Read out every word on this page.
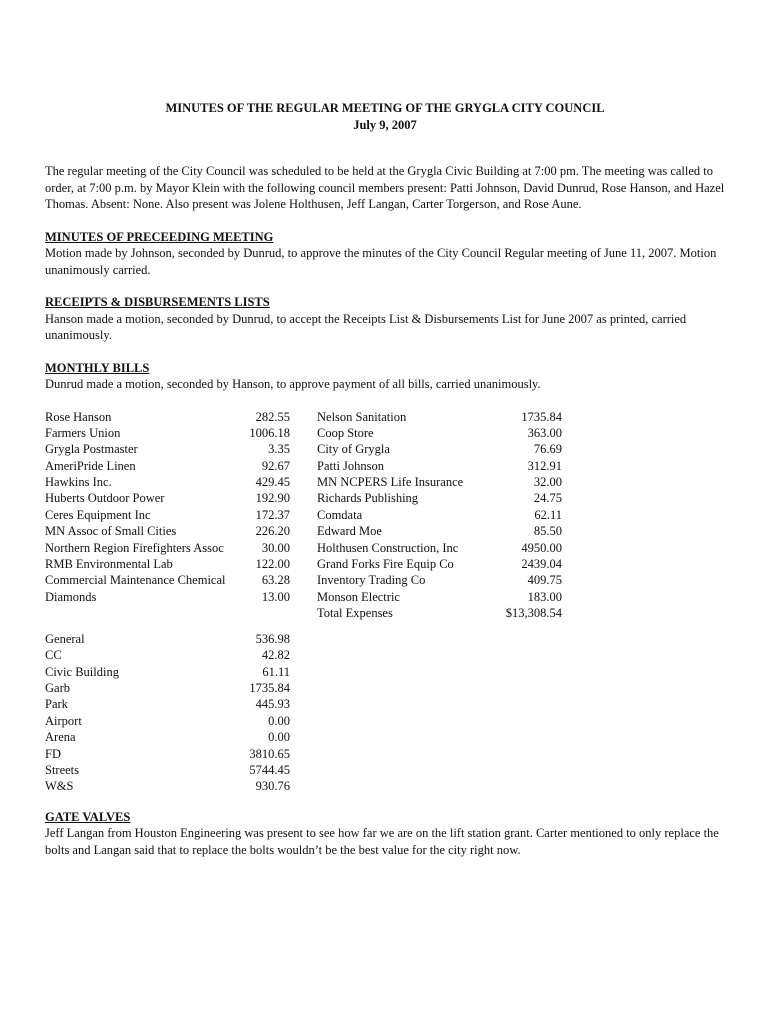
MINUTES OF THE REGULAR MEETING OF THE GRYGLA CITY COUNCIL

July 9, 2007

The regular meeting of the City Council was scheduled to be held at the Grygla Civic Building at 7:00 pm. The meeting was called to order, at 7:00 p.m. by Mayor Klein with the following council members present: Patti Johnson, David Dunrud, Rose Hanson, and Hazel Thomas. Absent: None. Also present was Jolene Holthusen, Jeff Langan, Carter Torgerson, and Rose Aune.

MINUTES OF PRECEEDING MEETING

Motion made by Johnson, seconded by Dunrud, to approve the minutes of the City Council Regular meeting of June 11, 2007. Motion unanimously carried.

RECEIPTS & DISBURSEMENTS LISTS

Hanson made a motion, seconded by Dunrud, to accept the Receipts List & Disbursements List for June 2007 as printed, carried unanimously.

MONTHLY BILLS

Dunrud made a motion, seconded by Hanson, to approve payment of all bills, carried unanimously.

Rose Hanson	282.55
Farmers Union	1006.18
Grygla Postmaster	3.35
AmeriPride Linen	92.67
Hawkins Inc.	429.45
Huberts Outdoor Power	192.90
Ceres Equipment Inc	172.37
MN Assoc of Small Cities	226.20
Northern Region Firefighters Assoc	30.00
RMB Environmental Lab	122.00
Commercial Maintenance Chemical	63.28
Diamonds	13.00
Nelson Sanitation	1735.84
Coop Store	363.00
City of Grygla	76.69
Patti Johnson	312.91
MN NCPERS Life Insurance	32.00
Richards Publishing	24.75
Comdata	62.11
Edward Moe	85.50
Holthusen Construction, Inc	4950.00
Grand Forks Fire Equip Co	2439.04
Inventory Trading Co	409.75
Monson Electric	183.00
Total Expenses	$13,308.54
General	536.98
CC	42.82
Civic Building	61.11
Garb	1735.84
Park	445.93
Airport	0.00
Arena	0.00
FD	3810.65
Streets	5744.45
W&S	930.76

GATE VALVES

Jeff Langan from Houston Engineering was present to see how far we are on the lift station grant. Carter mentioned to only replace the bolts and Langan said that to replace the bolts wouldn’t be the best value for the city right now.
